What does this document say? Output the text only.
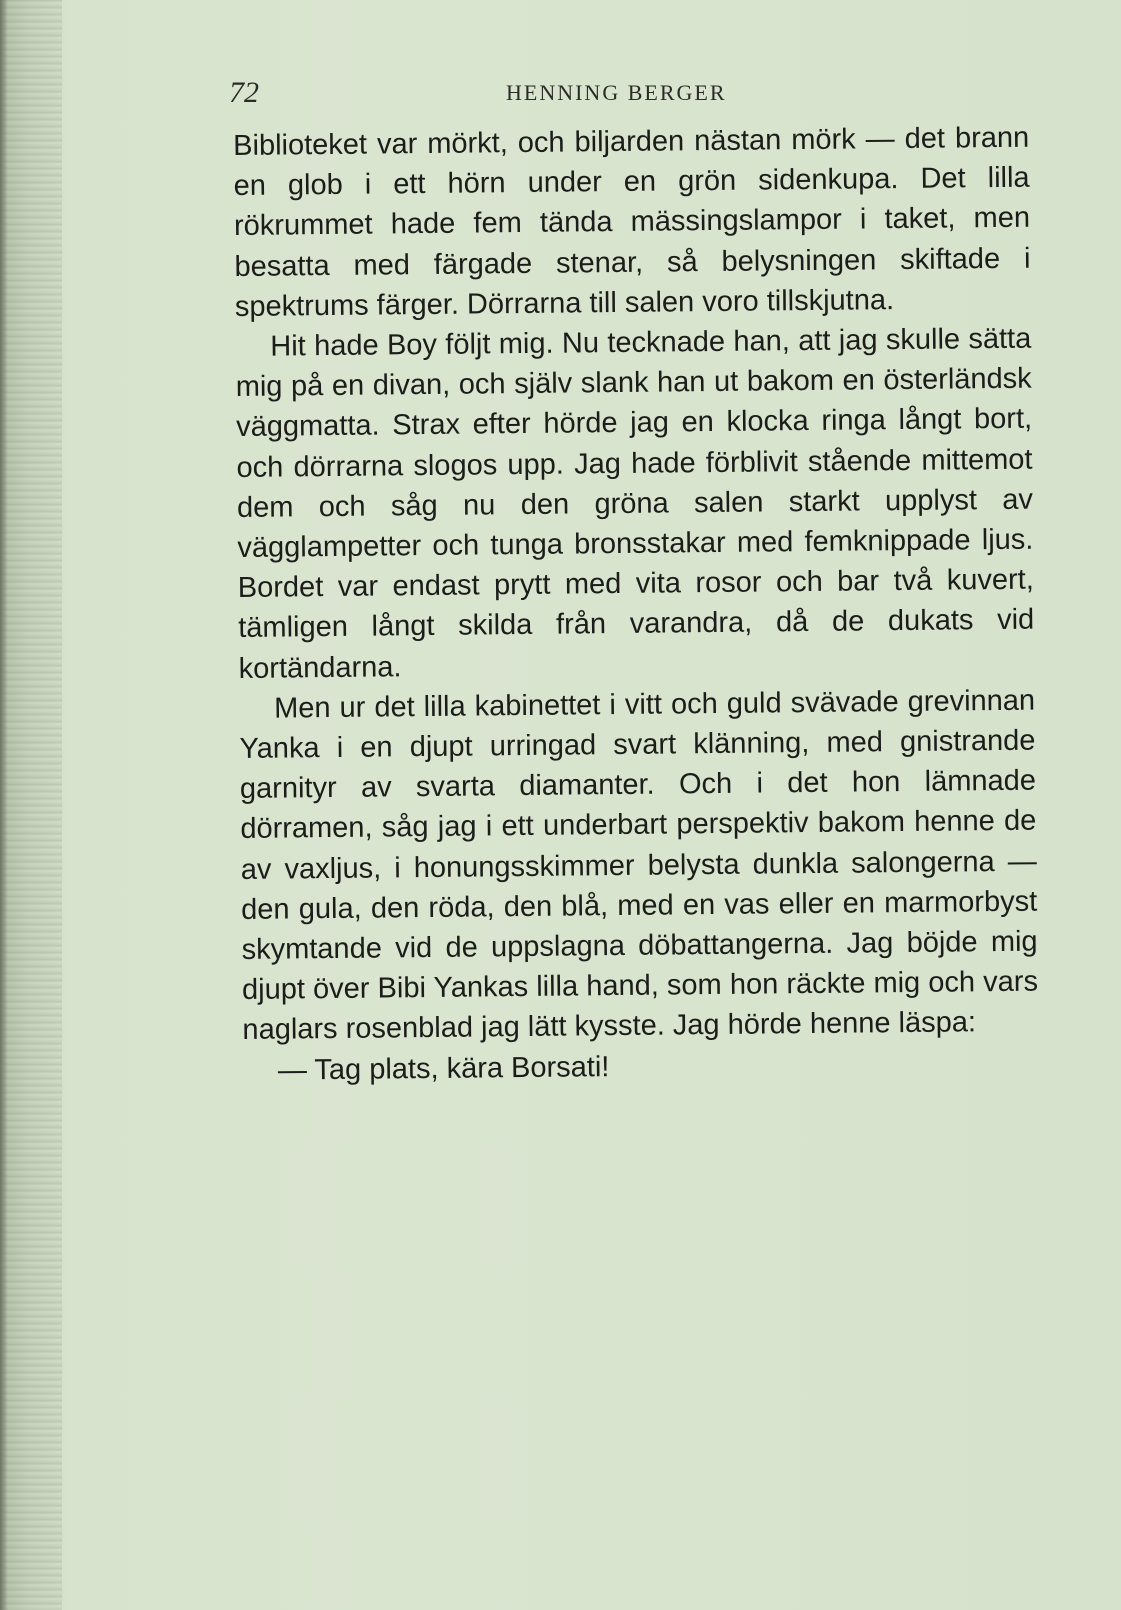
72	HENNING BERGER

Biblioteket var mörkt, och biljarden nästan mörk — det brann en glob i ett hörn under en grön sidenkupa. Det lilla rökrummet hade fem tända mässingslampor i taket, men besatta med färgade stenar, så belysningen skiftade i spektrums färger. Dörrarna till salen voro tillskjutna.

Hit hade Boy följt mig. Nu tecknade han, att jag skulle sätta mig på en divan, och själv slank han ut bakom en österländsk väggmatta. Strax efter hörde jag en klocka ringa långt bort, och dörrarna slogos upp. Jag hade förblivit stående mittemot dem och såg nu den gröna salen starkt upplyst av vägglampetter och tunga bronsstakar med femknippade ljus. Bordet var endast prytt med vita rosor och bar två kuvert, tämligen långt skilda från varandra, då de dukats vid kortändarna.

Men ur det lilla kabinettet i vitt och guld svävade grevinnan Yanka i en djupt urringad svart klänning, med gnistrande garnityr av svarta diamanter. Och i det hon lämnade dörramen, såg jag i ett underbart perspektiv bakom henne de av vaxljus, i honungsskimmer belysta dunkla salongerna — den gula, den röda, den blå, med en vas eller en marmorbyst skymtande vid de uppslagna döbattangerna. Jag böjde mig djupt över Bibi Yankas lilla hand, som hon räckte mig och vars naglars rosenblad jag lätt kysste. Jag hörde henne läspa:

— Tag plats, kära Borsati!
